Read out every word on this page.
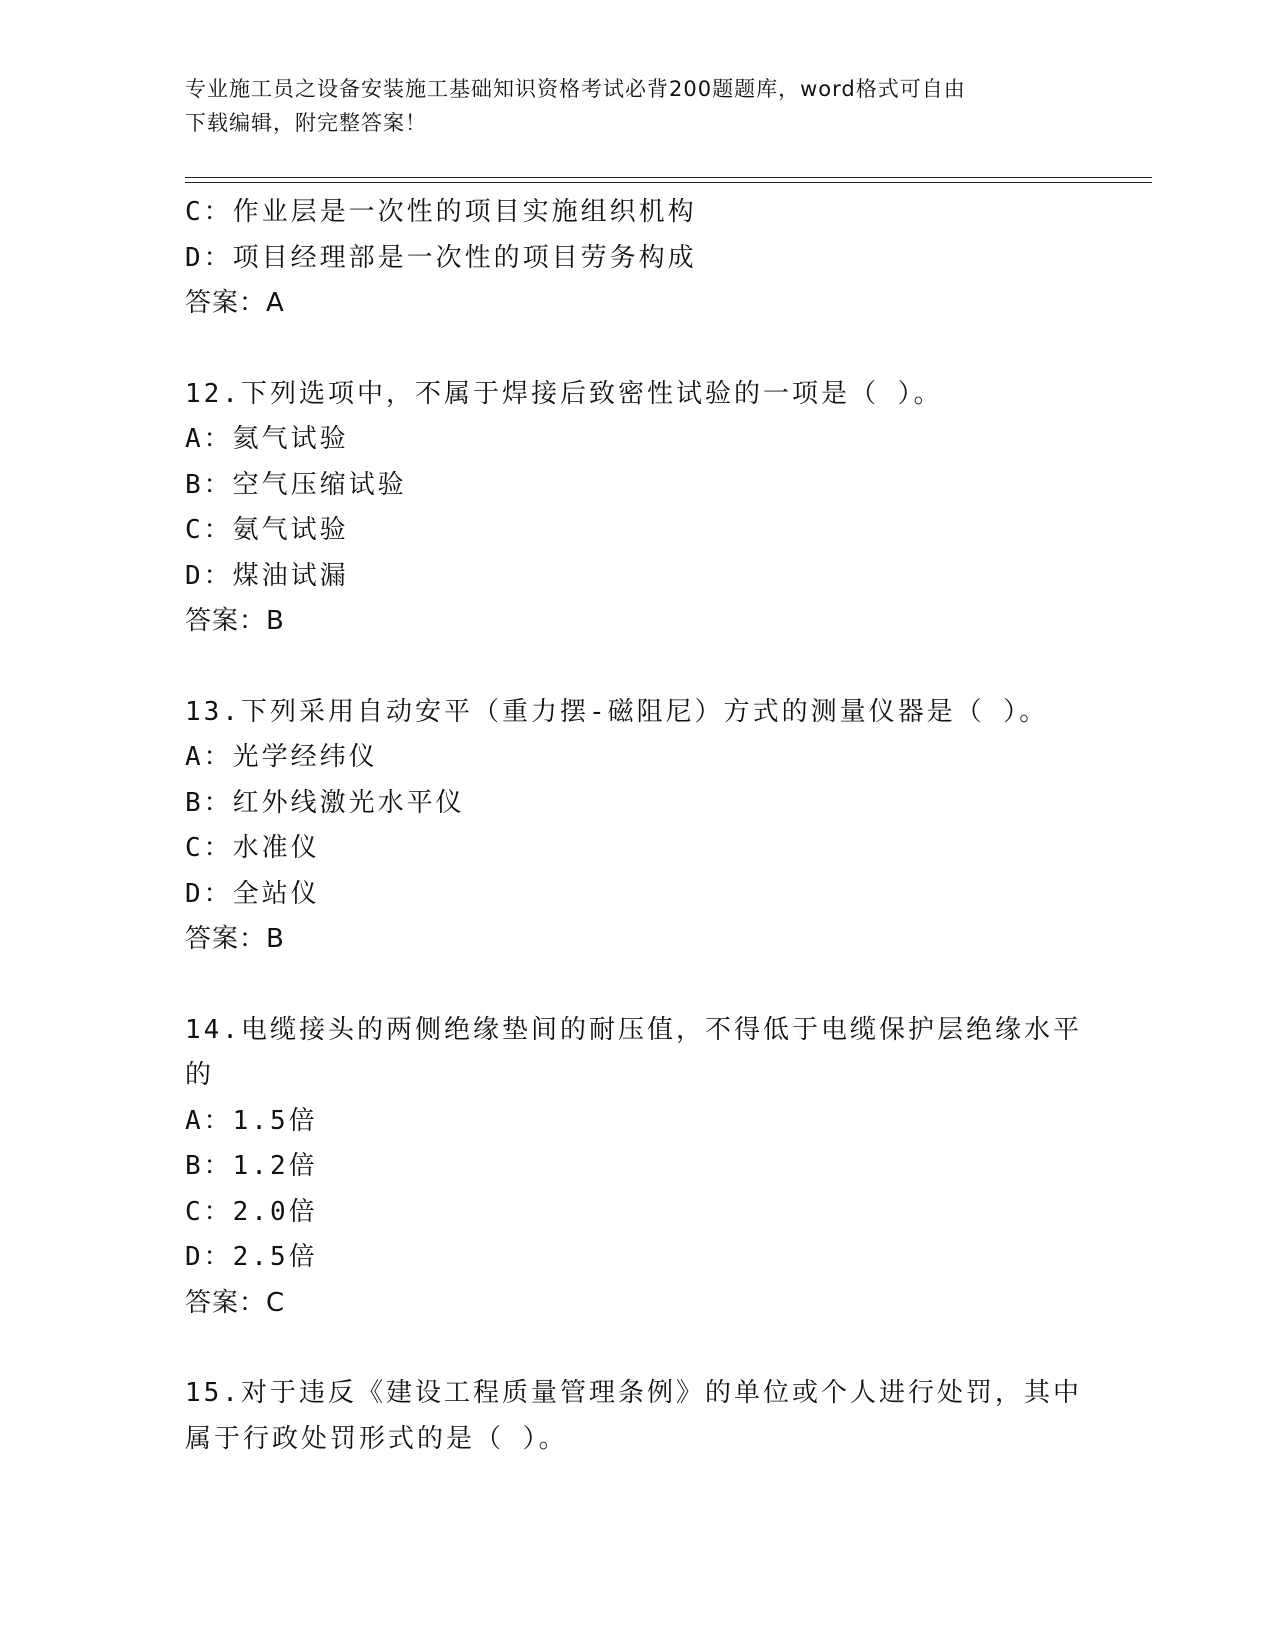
专业施工员之设备安装施工基础知识资格考试必背200题题库，word格式可自由
下载编辑，附完整答案！
C：作业层是一次性的项目实施组织机构
D：项目经理部是一次性的项目劳务构成
答案：A
12.下列选项中，不属于焊接后致密性试验的一项是（ ）。
A：氦气试验
B：空气压缩试验
C：氨气试验
D：煤油试漏
答案：B
13.下列采用自动安平（重力摆-磁阻尼）方式的测量仪器是（ ）。
A：光学经纬仪
B：红外线激光水平仪
C：水准仪
D：全站仪
答案：B
14.电缆接头的两侧绝缘垫间的耐压值，不得低于电缆保护层绝缘水平
的
A：1.5倍
B：1.2倍
C：2.0倍
D：2.5倍
答案：C
15.对于违反《建设工程质量管理条例》的单位或个人进行处罚，其中
属于行政处罚形式的是（ ）。
